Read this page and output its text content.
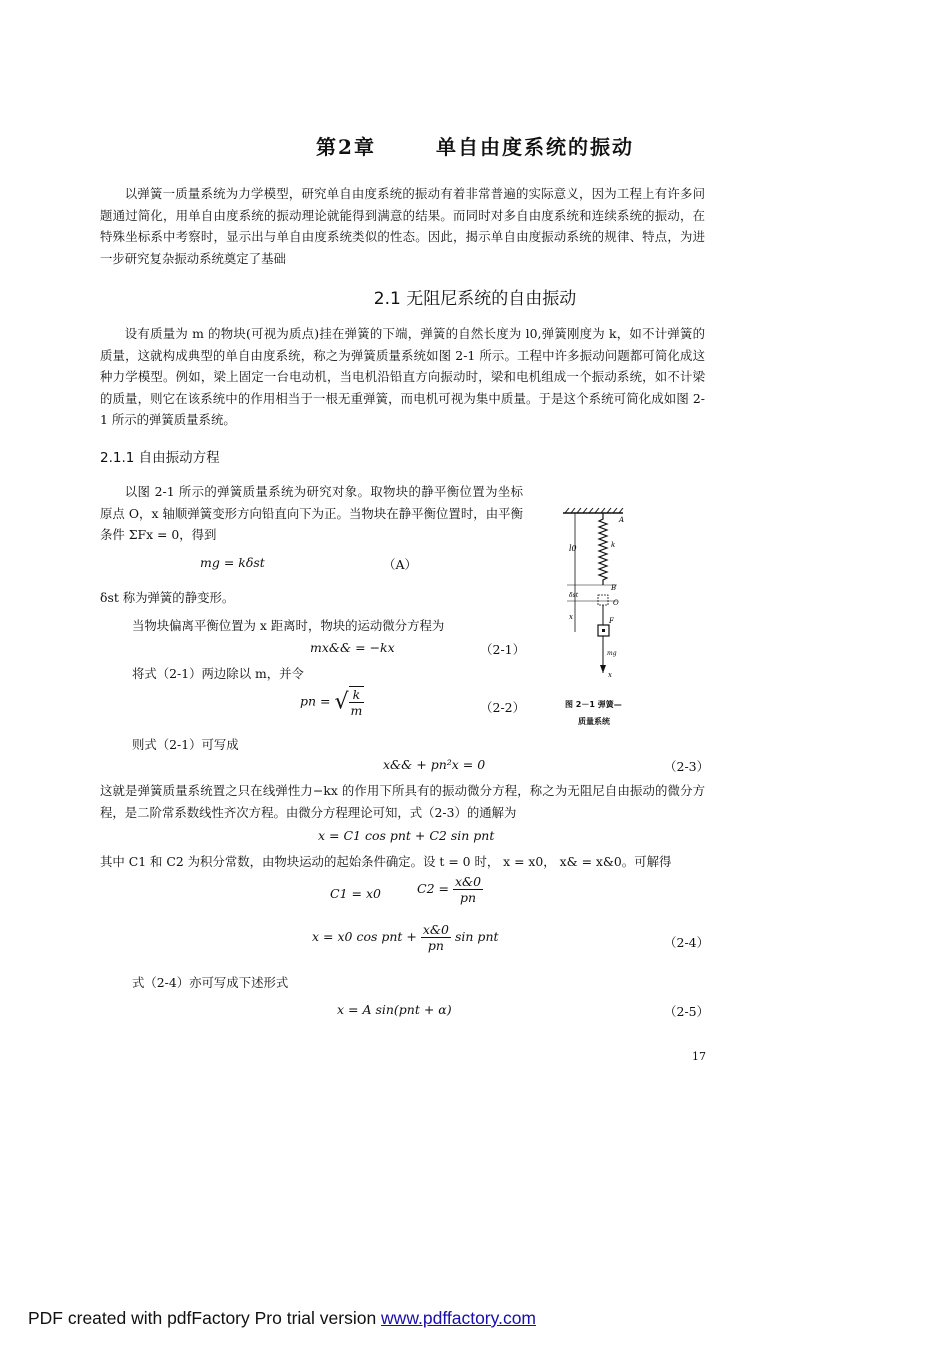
第2章	单自由度系统的振动
以弹簧一质量系统为力学模型，研究单自由度系统的振动有着非常普遍的实际意义，因为工程上有许多问题通过简化，用单自由度系统的振动理论就能得到满意的结果。而同时对多自由度系统和连续系统的振动，在特殊坐标系中考察时，显示出与单自由度系统类似的性态。因此，揭示单自由度振动系统的规律、特点，为进一步研究复杂振动系统奠定了基础
2.1 无阻尼系统的自由振动
设有质量为 m 的物块(可视为质点)挂在弹簧的下端，弹簧的自然长度为 l0,弹簧刚度为 k，如不计弹簧的质量，这就构成典型的单自由度系统，称之为弹簧质量系统如图 2-1 所示。工程中许多振动问题都可简化成这种力学模型。例如，梁上固定一台电动机，当电机沿铅直方向振动时，梁和电机组成一个振动系统，如不计梁的质量，则它在该系统中的作用相当于一根无重弹簧，而电机可视为集中质量。于是这个系统可简化成如图 2-1 所示的弹簧质量系统。
2.1.1 自由振动方程
以图 2-1 所示的弹簧质量系统为研究对象。取物块的静平衡位置为坐标原点 O，x 轴顺弹簧变形方向铅直向下为正。当物块在静平衡位置时，由平衡条件 ΣFx = 0，得到
mg = kδst	（A）
δst 称为弹簧的静变形。
当物块偏离平衡位置为 x 距离时，物块的运动微分方程为
mx&& = −kx	（2-1）
将式（2-1）两边除以 m，并令
pn = √ $\frac{k}{m}$	（2-2）
则式（2-1）可写成
x&& + pn²x = 0	（2-3）
这就是弹簧质量系统置之只在线弹性力−kx 的作用下所具有的振动微分方程，称之为无阻尼自由振动的微分方程，是二阶常系数线性齐次方程。由微分方程理论可知，式（2-3）的通解为
x = C1 cos pnt + C2 sin pnt
其中 C1 和 C2 为积分常数，由物块运动的起始条件确定。设 t = 0 时， x = x0， x& = x&0。可解得
C1 = x0	$C2 = \frac{x\&0}{pn}$
x = x0 cos pnt + $\frac{x\&0}{pn}$ sin pnt	（2-4）
式（2-4）亦可写成下述形式
x = A sin(pnt + α)	（2-5）
l0
δst
x
A
k
B
O
F
mg
x
图 2－1 弹簧—
质量系统
17
PDF created with pdfFactory Pro trial version www.pdffactory.com
